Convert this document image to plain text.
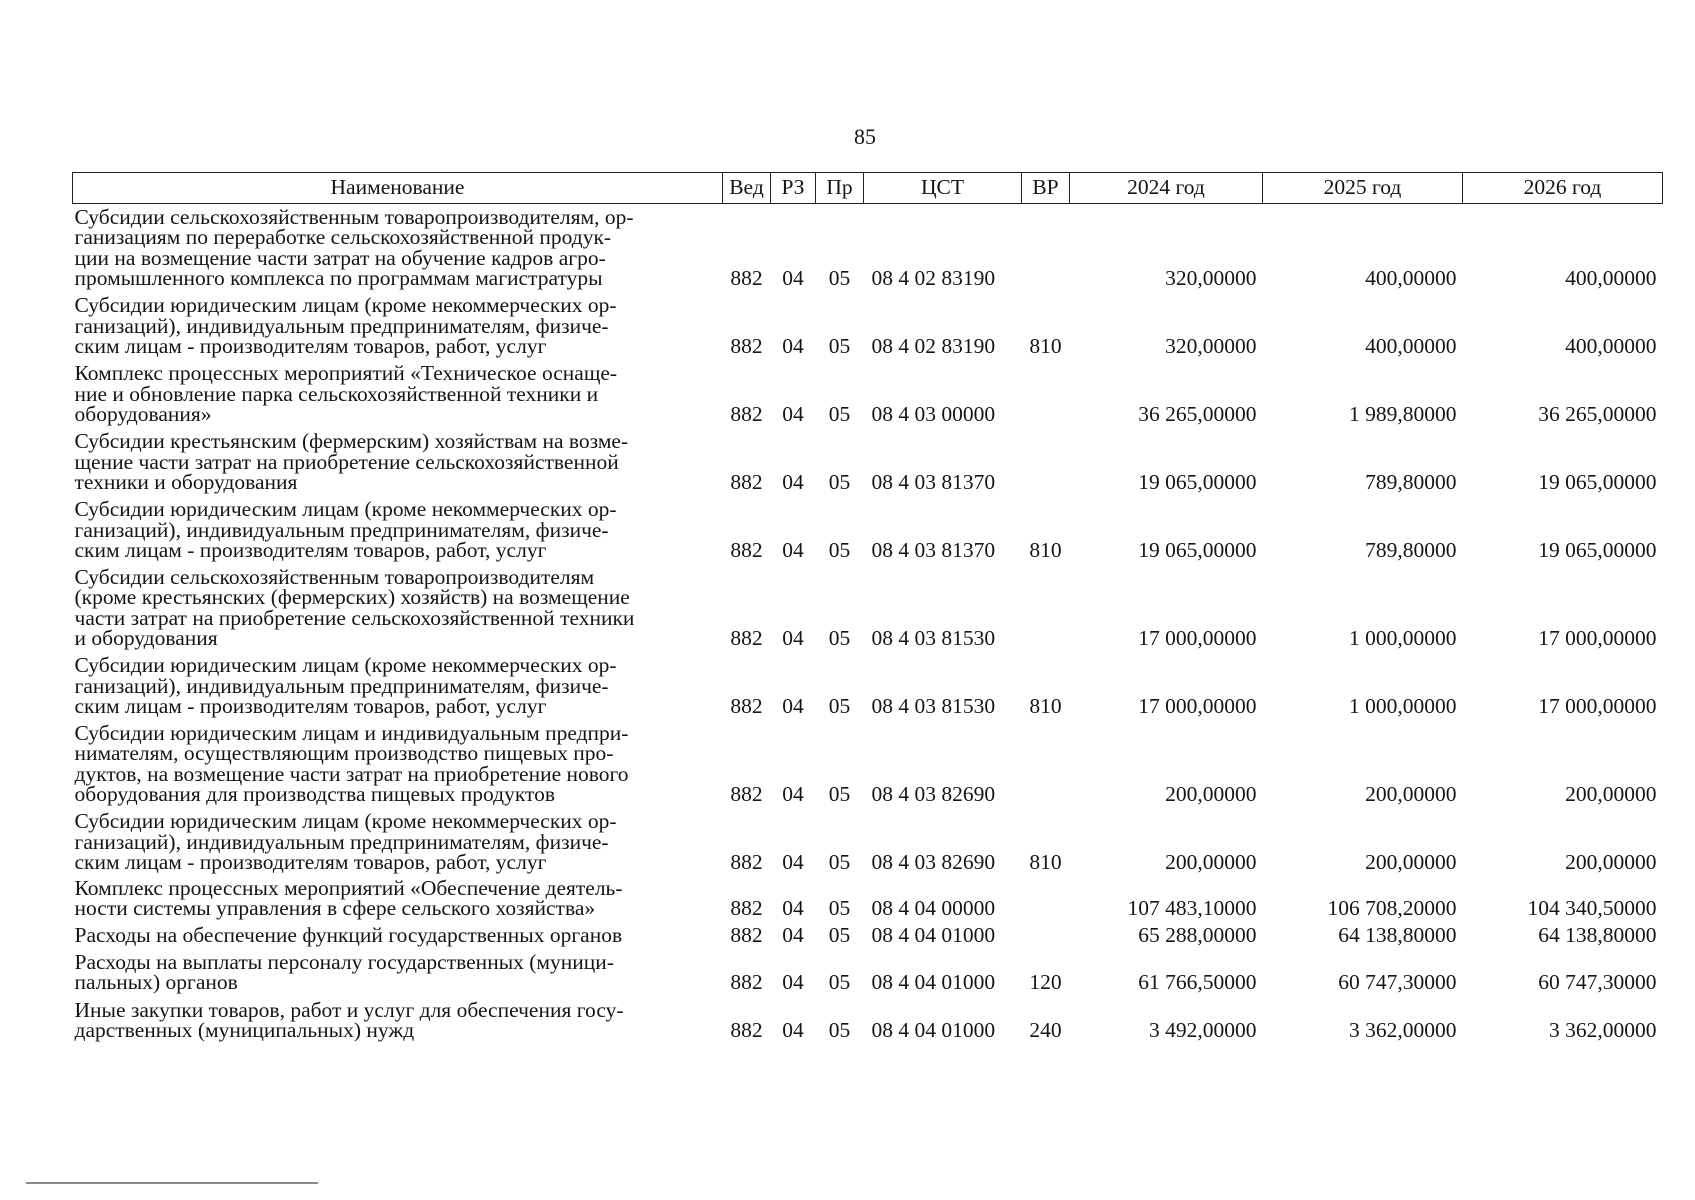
85
Наименование	Вед	РЗ	Пр	ЦСТ	ВР	2024 год	2025 год	2026 год

Субсидии сельскохозяйственным товаропроизводителям, ор-
ганизациям по переработке сельскохозяйственной продук-
ции на возмещение части затрат на обучение кадров агро-
промышленного комплекса по программам магистратуры	882	04	05	08 4 02 83190		320,00000	400,00000	400,00000

Субсидии юридическим лицам (кроме некоммерческих ор-
ганизаций), индивидуальным предпринимателям, физиче-
ским лицам - производителям товаров, работ, услуг	882	04	05	08 4 02 83190	810	320,00000	400,00000	400,00000

Комплекс процессных мероприятий «Техническое оснаще-
ние и обновление парка сельскохозяйственной техники и
оборудования»	882	04	05	08 4 03 00000		36 265,00000	1 989,80000	36 265,00000

Субсидии крестьянским (фермерским) хозяйствам на возме-
щение части затрат на приобретение сельскохозяйственной
техники и оборудования	882	04	05	08 4 03 81370		19 065,00000	789,80000	19 065,00000

Субсидии юридическим лицам (кроме некоммерческих ор-
ганизаций), индивидуальным предпринимателям, физиче-
ским лицам - производителям товаров, работ, услуг	882	04	05	08 4 03 81370	810	19 065,00000	789,80000	19 065,00000

Субсидии сельскохозяйственным товаропроизводителям
(кроме крестьянских (фермерских) хозяйств) на возмещение
части затрат на приобретение сельскохозяйственной техники
и оборудования	882	04	05	08 4 03 81530		17 000,00000	1 000,00000	17 000,00000

Субсидии юридическим лицам (кроме некоммерческих ор-
ганизаций), индивидуальным предпринимателям, физиче-
ским лицам - производителям товаров, работ, услуг	882	04	05	08 4 03 81530	810	17 000,00000	1 000,00000	17 000,00000

Субсидии юридическим лицам и индивидуальным предпри-
нимателям, осуществляющим производство пищевых про-
дуктов, на возмещение части затрат на приобретение нового
оборудования для производства пищевых продуктов	882	04	05	08 4 03 82690		200,00000	200,00000	200,00000

Субсидии юридическим лицам (кроме некоммерческих ор-
ганизаций), индивидуальным предпринимателям, физиче-
ским лицам - производителям товаров, работ, услуг	882	04	05	08 4 03 82690	810	200,00000	200,00000	200,00000

Комплекс процессных мероприятий «Обеспечение деятель-
ности системы управления в сфере сельского хозяйства»	882	04	05	08 4 04 00000		107 483,10000	106 708,20000	104 340,50000

Расходы на обеспечение функций государственных органов	882	04	05	08 4 04 01000		65 288,00000	64 138,80000	64 138,80000

Расходы на выплаты персоналу государственных (муници-
пальных) органов	882	04	05	08 4 04 01000	120	61 766,50000	60 747,30000	60 747,30000

Иные закупки товаров, работ и услуг для обеспечения госу-
дарственных (муниципальных) нужд	882	04	05	08 4 04 01000	240	3 492,00000	3 362,00000	3 362,00000
